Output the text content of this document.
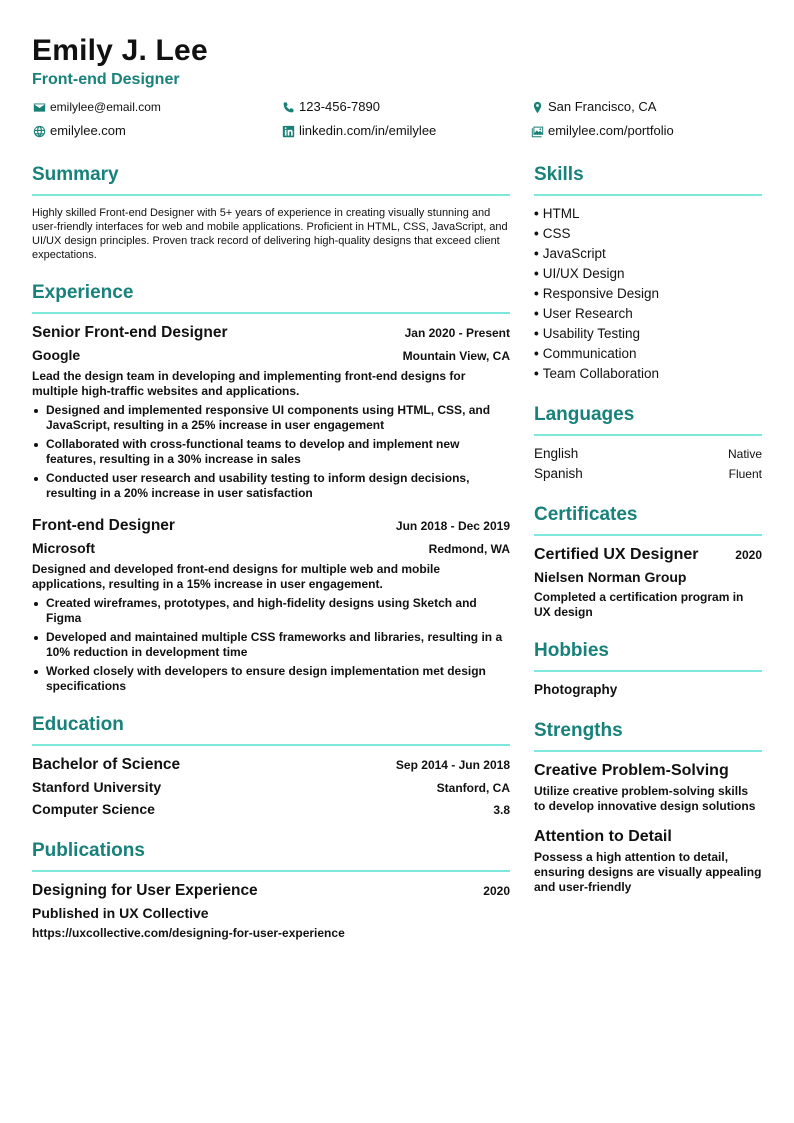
Emily J. Lee
Front-end Designer
emilylee@email.com	123-456-7890	San Francisco, CA
emilylee.com	linkedin.com/in/emilylee	emilylee.com/portfolio
Summary
Highly skilled Front-end Designer with 5+ years of experience in creating visually stunning and user-friendly interfaces for web and mobile applications. Proficient in HTML, CSS, JavaScript, and UI/UX design principles. Proven track record of delivering high-quality designs that exceed client expectations.
Experience
Senior Front-end Designer	Jan 2020 - Present
Google	Mountain View, CA
Lead the design team in developing and implementing front-end designs for multiple high-traffic websites and applications.
Designed and implemented responsive UI components using HTML, CSS, and JavaScript, resulting in a 25% increase in user engagement
Collaborated with cross-functional teams to develop and implement new features, resulting in a 30% increase in sales
Conducted user research and usability testing to inform design decisions, resulting in a 20% increase in user satisfaction
Front-end Designer	Jun 2018 - Dec 2019
Microsoft	Redmond, WA
Designed and developed front-end designs for multiple web and mobile applications, resulting in a 15% increase in user engagement.
Created wireframes, prototypes, and high-fidelity designs using Sketch and Figma
Developed and maintained multiple CSS frameworks and libraries, resulting in a 10% reduction in development time
Worked closely with developers to ensure design implementation met design specifications
Education
Bachelor of Science	Sep 2014 - Jun 2018
Stanford University	Stanford, CA
Computer Science	3.8
Publications
Designing for User Experience	2020
Published in UX Collective
https://uxcollective.com/designing-for-user-experience
Skills
• HTML
• CSS
• JavaScript
• UI/UX Design
• Responsive Design
• User Research
• Usability Testing
• Communication
• Team Collaboration
Languages
English	Native
Spanish	Fluent
Certificates
Certified UX Designer	2020
Nielsen Norman Group
Completed a certification program in UX design
Hobbies
Photography
Strengths
Creative Problem-Solving
Utilize creative problem-solving skills to develop innovative design solutions
Attention to Detail
Possess a high attention to detail, ensuring designs are visually appealing and user-friendly
